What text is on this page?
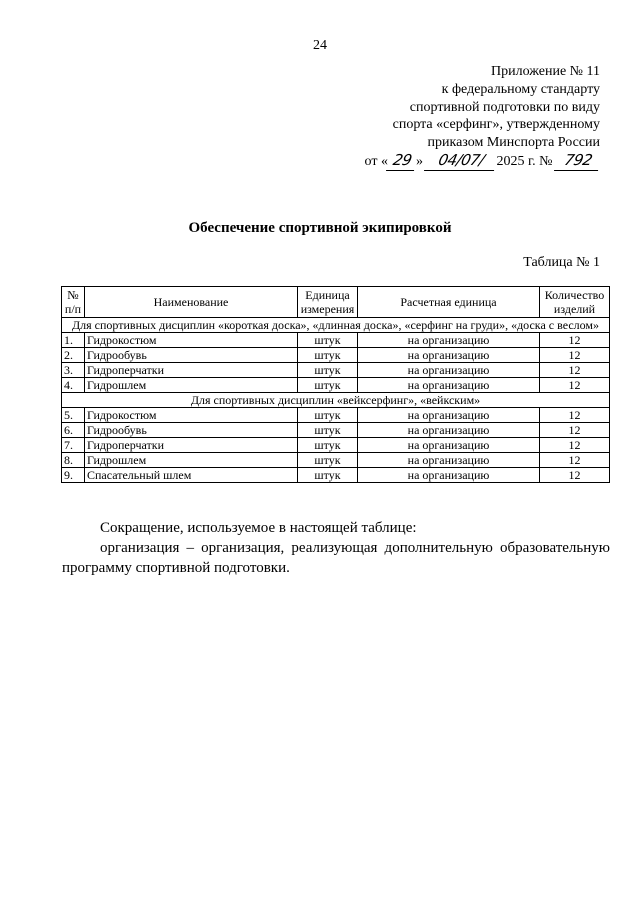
24
Приложение № 11
к федеральному стандарту
спортивной подготовки по виду
спорта «серфинг», утвержденному
приказом Минспорта России
от « 29 » 04/07/ 2025 г. № 792
Обеспечение спортивной экипировкой
Таблица № 1
№ п/п	Наименование	Единица измерения	Расчетная единица	Количество изделий
Для спортивных дисциплин «короткая доска», «длинная доска», «серфинг на груди», «доска с веслом»				
1.	Гидрокостюм	штук	на организацию	12
2.	Гидрообувь	штук	на организацию	12
3.	Гидроперчатки	штук	на организацию	12
4.	Гидрошлем	штук	на организацию	12
Для спортивных дисциплин «вейксерфинг», «вейкским»				
5.	Гидрокостюм	штук	на организацию	12
6.	Гидрообувь	штук	на организацию	12
7.	Гидроперчатки	штук	на организацию	12
8.	Гидрошлем	штук	на организацию	12
9.	Спасательный шлем	штук	на организацию	12

Сокращение, используемое в настоящей таблице:

организация – организация, реализующая дополнительную образовательную программу спортивной подготовки.
